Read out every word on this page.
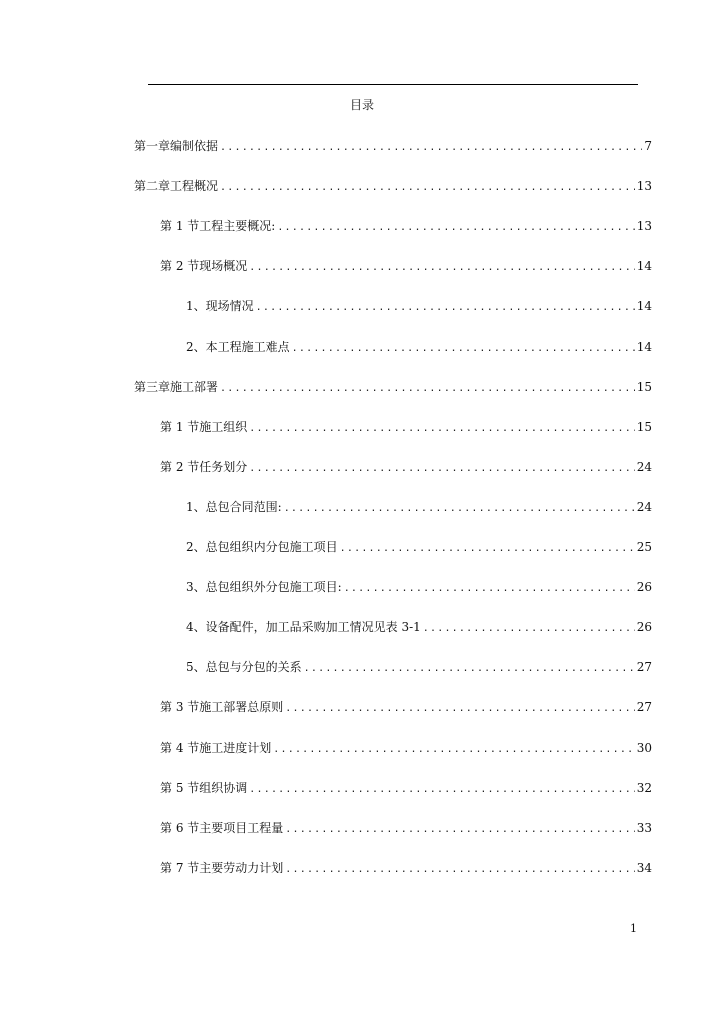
目录
第一章 编制依据 .....	7
第二章 工程概况 .....	13
第 1 节 工程主要概况: .....	13
第 2 节 现场概况 .....	14
1、 现场情况 .....	14
2、 本工程施工难点 .....	14
第三章 施工部署 .....	15
第 1 节 施工组织 .....	15
第 2 节 任务划分 .....	24
1、 总包合同范围: .....	24
2、 总包组织内分包施工项目 .....	25
3、 总包组织外分包施工项目: .....	26
4、 设备配件，加工品采购加工情况见表 3-1 .....	26
5、 总包与分包的关系 .....	27
第 3 节 施工部署总原则 .....	27
第 4 节 施工进度计划 .....	30
第 5 节 组织协调 .....	32
第 6 节 主要项目工程量 .....	33
第 7 节 主要劳动力计划 .....	34
1
